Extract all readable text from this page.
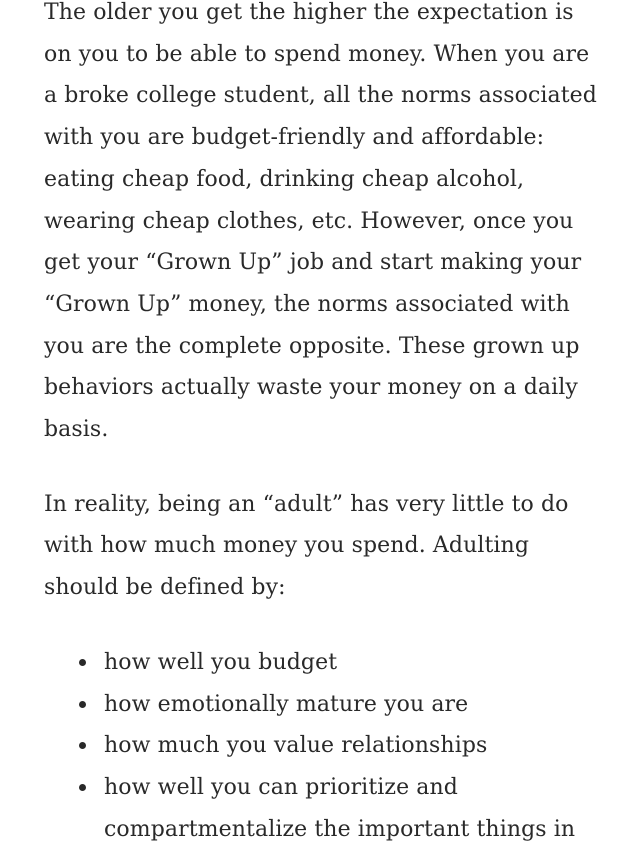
The older you get the higher the expectation is on you to be able to spend money. When you are a broke college student, all the norms associated with you are budget-friendly and affordable: eating cheap food, drinking cheap alcohol, wearing cheap clothes, etc. However, once you get your “Grown Up” job and start making your “Grown Up” money, the norms associated with you are the complete opposite. These grown up behaviors actually waste your money on a daily basis.

In reality, being an “adult” has very little to do with how much money you spend. Adulting should be defined by:

how well you budget
how emotionally mature you are
how much you value relationships
how well you can prioritize and compartmentalize the important things in
